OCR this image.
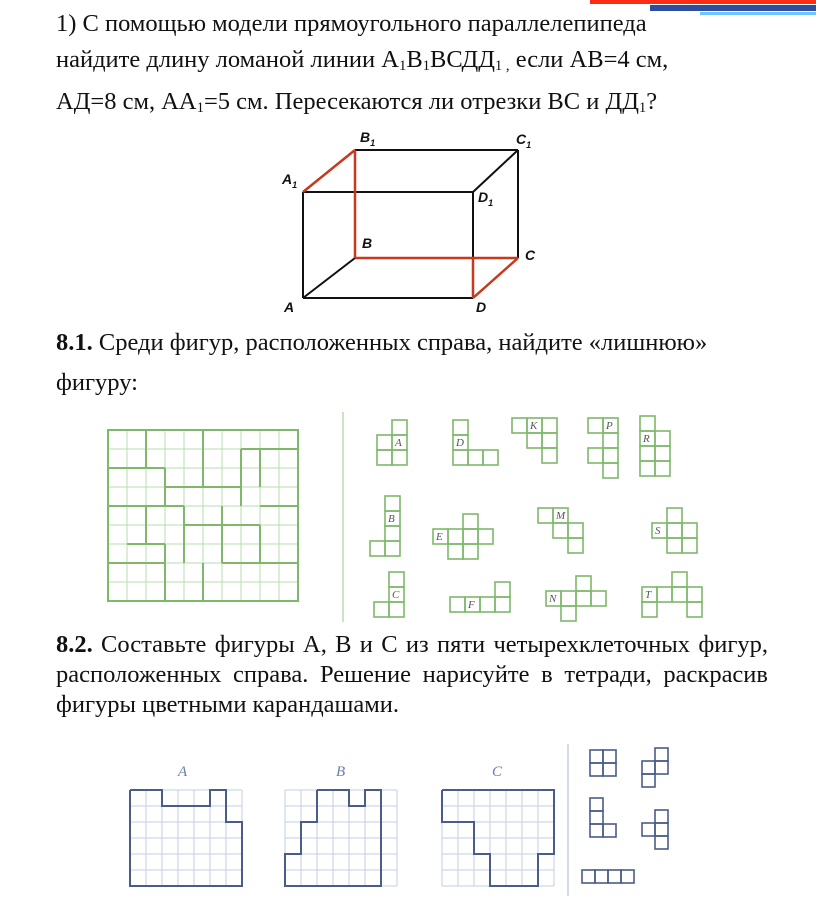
1) С помощью модели прямоугольного параллелепипеда
найдите длину ломаной линии $А_1В_1ВСДД_{1 ,}$ если АВ=4 см,
АД=8 см, $АА_1=5$ см. Пересекаются ли отрезки ВС и $ДД_1$?
$B_1$	$C_1$
$A_1$
$D_1$
B
C
A	D
8.1. Среди фигур, расположенных справа, найдите «лишнюю»
фигуру:
A	D
K	P
R
B
E
M
S
C
F	N	T
8.2. Составьте фигуры А, В и С из пяти четырехклеточных фигур, расположенных справа. Решение нарисуйте в тетради, раскрасив фигуры цветными карандашами.
A	B	C
